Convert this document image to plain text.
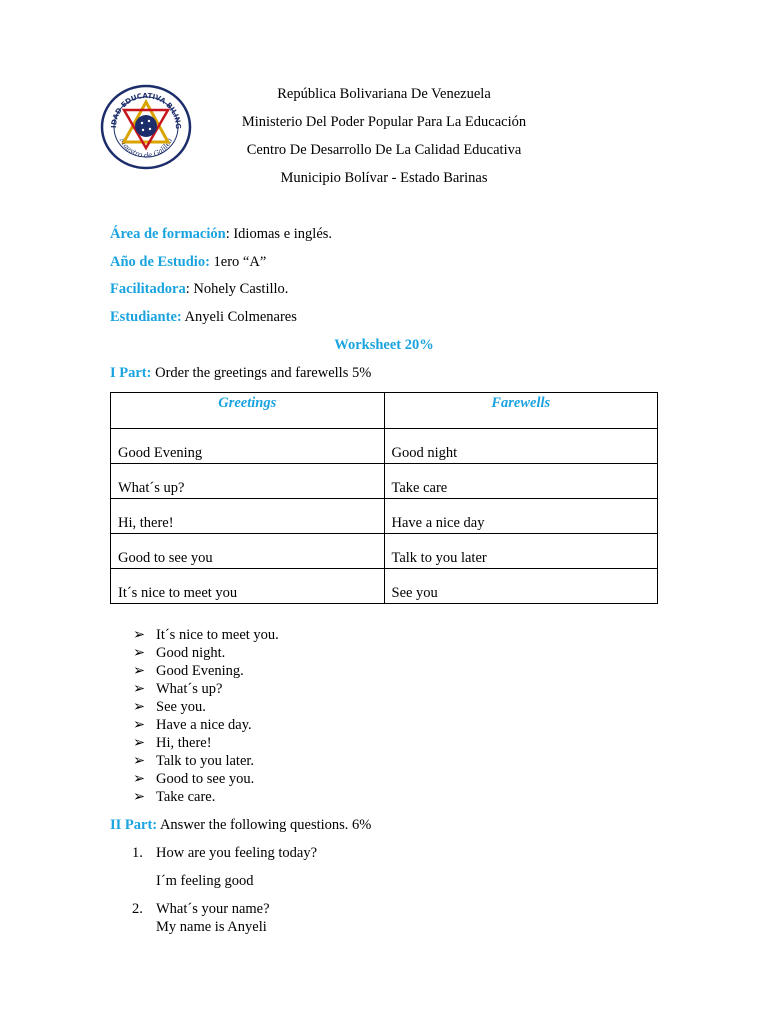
IDAD EDUCATIVA BILING
Maestro de Galilea
República Bolivariana De Venezuela
Ministerio Del Poder Popular Para La Educación
Centro De Desarrollo De La Calidad Educativa
Municipio Bolívar - Estado Barinas
Área de formación: Idiomas e inglés.
Año de Estudio: 1ero “A”
Facilitadora: Nohely Castillo.
Estudiante: Anyeli Colmenares
Worksheet 20%
I Part: Order the greetings and farewells 5%
Greetings	Farewells
Good Evening	Good night
What´s up?	Take care
Hi, there!	Have a nice day
Good to see you	Talk to you later
It´s nice to meet you	See you
➢ It´s nice to meet you.
➢ Good night.
➢ Good Evening.
➢ What´s up?
➢ See you.
➢ Have a nice day.
➢ Hi, there!
➢ Talk to you later.
➢ Good to see you.
➢ Take care.
II Part: Answer the following questions. 6%
1. How are you feeling today?
I´m feeling good
2. What´s your name?
My name is Anyeli
